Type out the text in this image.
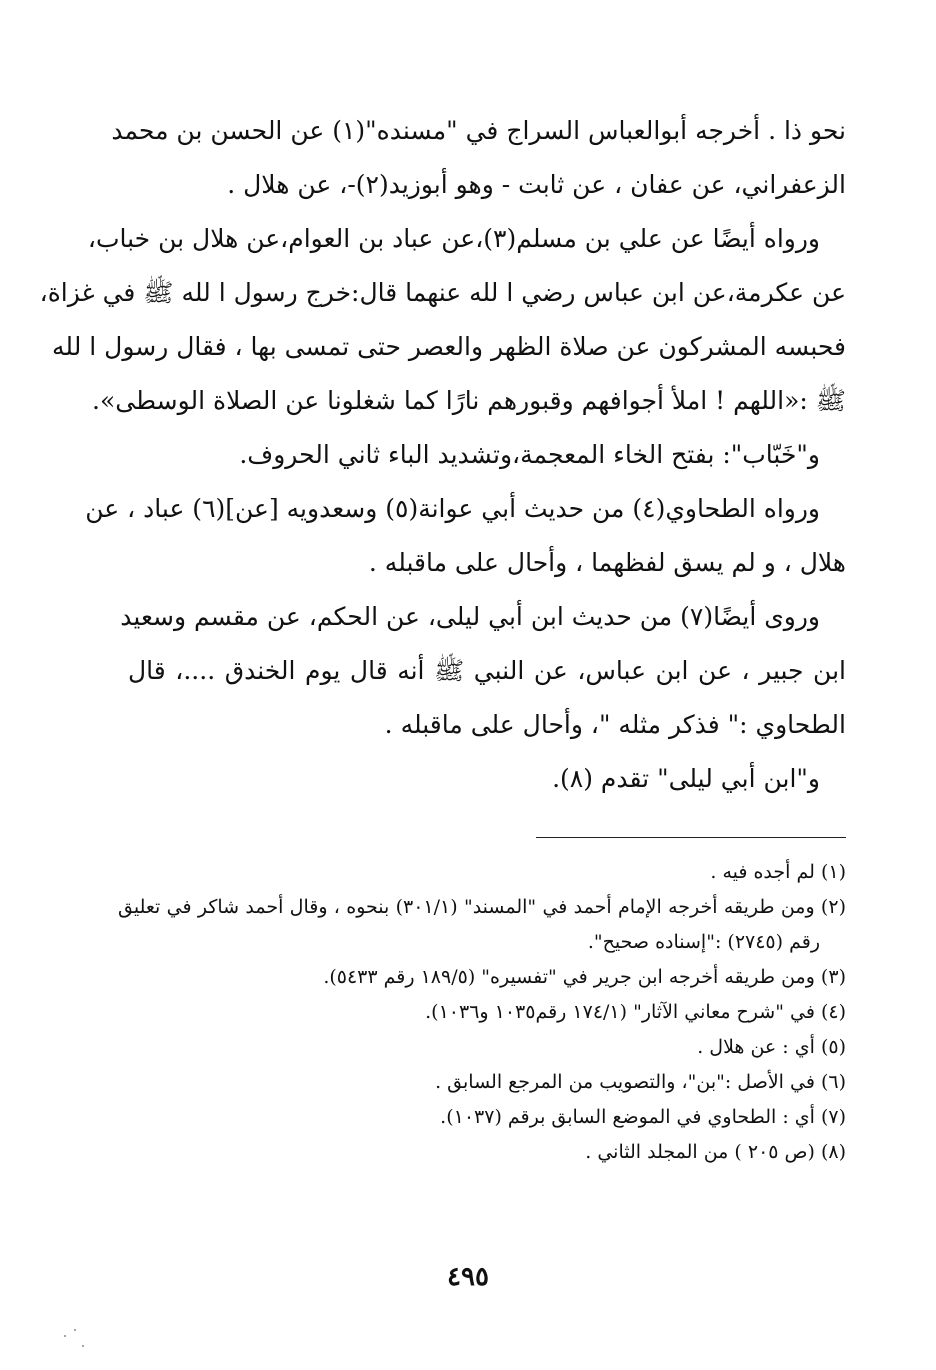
نحو ذا . أخرجه أبوالعباس السراج في "مسنده"(١) عن الحسن بن محمد
الزعفراني، عن عفان ، عن ثابت - وهو أبوزيد(٢)-، عن هلال .
ورواه أيضًا عن علي بن مسلم(٣)،عن عباد بن العوام،عن هلال بن خباب،
عن عكرمة،عن ابن عباس رضي ا لله عنهما قال:خرج رسول ا لله ﷺ في غزاة،
فحبسه المشركون عن صلاة الظهر والعصر حتى تمسى بها ، فقال رسول ا لله
ﷺ :«اللهم ! املأ أجوافهم وقبورهم نارًا كما شغلونا عن الصلاة الوسطى».
و"خَبّاب": بفتح الخاء المعجمة،وتشديد الباء ثاني الحروف.
ورواه الطحاوي(٤) من حديث أبي عوانة(٥) وسعدويه [عن](٦) عباد ، عن
هلال ، و لم يسق لفظهما ، وأحال على ماقبله .
وروى أيضًا(٧) من حديث ابن أبي ليلى، عن الحكم، عن مقسم وسعيد
ابن جبير ، عن ابن عباس، عن النبي ﷺ أنه قال يوم الخندق ....، قال
الطحاوي :" فذكر مثله "، وأحال على ماقبله .
و"ابن أبي ليلى" تقدم (٨).
(١) لم أجده فيه .
(٢) ومن طريقه أخرجه الإمام أحمد في "المسند" (٣٠١/١) بنحوه ، وقال أحمد شاكر في تعليق
رقم (٢٧٤٥) :"إسناده صحيح".
(٣) ومن طريقه أخرجه ابن جرير في "تفسيره" (١٨٩/٥ رقم ٥٤٣٣).
(٤) في "شرح معاني الآثار" (١٧٤/١ رقم١٠٣٥ و١٠٣٦).
(٥) أي : عن هلال .
(٦) في الأصل :"بن"، والتصويب من المرجع السابق .
(٧) أي : الطحاوي في الموضع السابق برقم (١٠٣٧).
(٨) (ص ٢٠٥ ) من المجلد الثاني .
٤٩٥
